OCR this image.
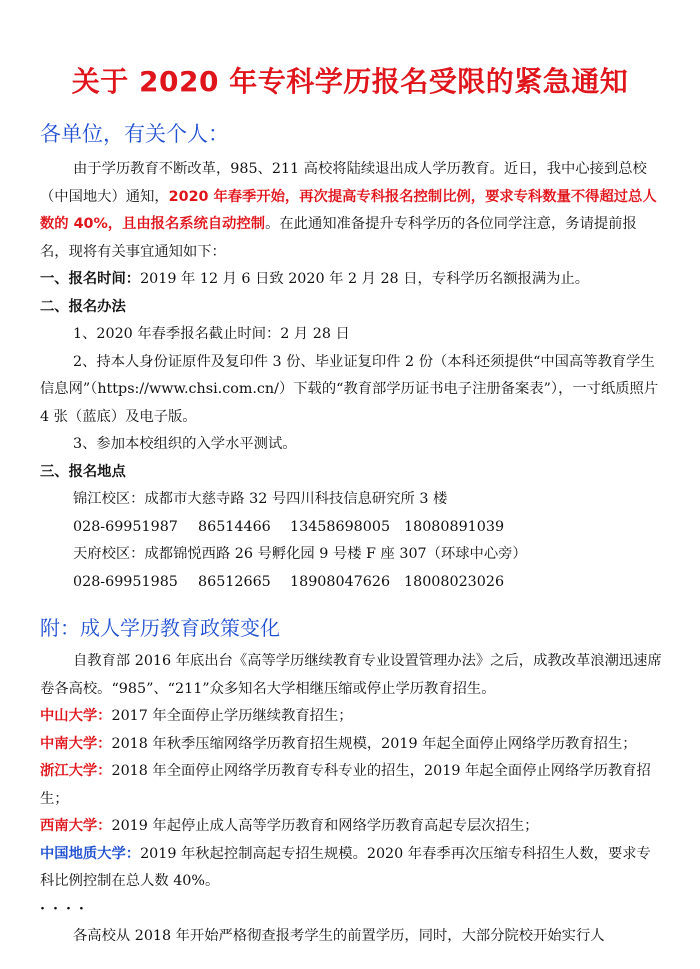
关于 2020 年专科学历报名受限的紧急通知
各单位，有关个人：

由于学历教育不断改革，985、211 高校将陆续退出成人学历教育。近日，我中心接到总校（中国地大）通知，2020 年春季开始，再次提高专科报名控制比例，要求专科数量不得超过总人数的 40%，且由报名系统自动控制。在此通知准备提升专科学历的各位同学注意，务请提前报名，现将有关事宜通知如下：

一、报名时间：2019 年 12 月 6 日致 2020 年 2 月 28 日，专科学历名额报满为止。

二、报名办法

1、2020 年春季报名截止时间：2 月 28 日

2、持本人身份证原件及复印件 3 份、毕业证复印件 2 份（本科还须提供“中国高等教育学生信息网”（https://www.chsi.com.cn/）下载的“教育部学历证书电子注册备案表”），一寸纸质照片 4 张（蓝底）及电子版。

3、参加本校组织的入学水平测试。

三、报名地点

锦江校区：成都市大慈寺路 32 号四川科技信息研究所 3 楼

028-69951987	86514466	13458698005 18080891039

天府校区：成都锦悦西路 26 号孵化园 9 号楼 F 座 307（环球中心旁）

028-69951985	86512665	18908047626 18008023026
附：成人学历教育政策变化

自教育部 2016 年底出台《高等学历继续教育专业设置管理办法》之后，成教改革浪潮迅速席卷各高校。“985”、“211”众多知名大学相继压缩或停止学历教育招生。

中山大学：2017 年全面停止学历继续教育招生；

中南大学：2018 年秋季压缩网络学历教育招生规模，2019 年起全面停止网络学历教育招生；

浙江大学：2018 年全面停止网络学历教育专科专业的招生，2019 年起全面停止网络学历教育招生；

西南大学：2019 年起停止成人高等学历教育和网络学历教育高起专层次招生；

中国地质大学：2019 年秋起控制高起专招生规模。2020 年春季再次压缩专科招生人数，要求专科比例控制在总人数 40%。

····

各高校从 2018 年开始严格彻查报考学生的前置学历，同时，大部分院校开始实行人
